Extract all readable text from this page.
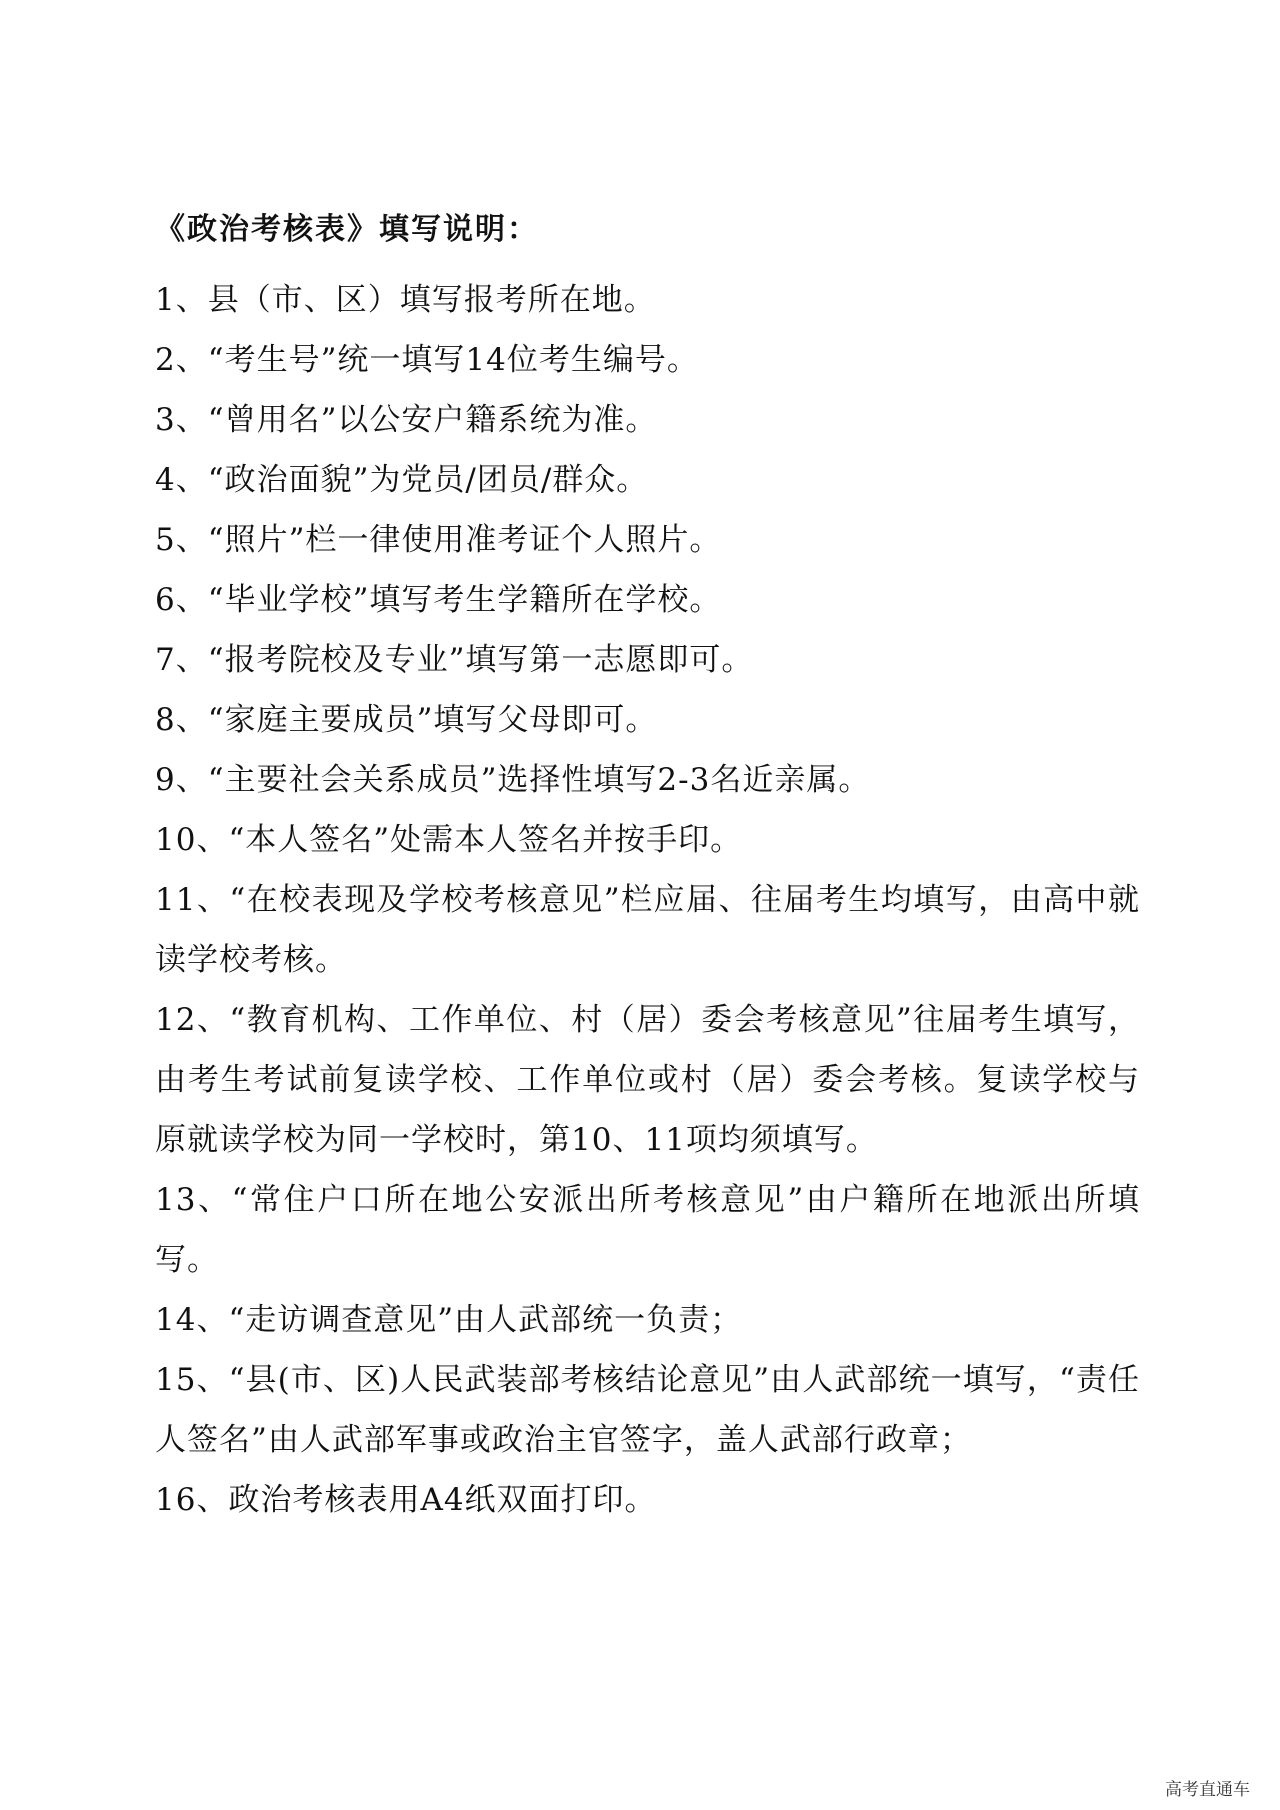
《政治考核表》填写说明：

1、县（市、区）填写报考所在地。

2、“考生号”统一填写14位考生编号。

3、“曾用名”以公安户籍系统为准。

4、“政治面貌”为党员/团员/群众。

5、“照片”栏一律使用准考证个人照片。

6、“毕业学校”填写考生学籍所在学校。

7、“报考院校及专业”填写第一志愿即可。

8、“家庭主要成员”填写父母即可。

9、“主要社会关系成员”选择性填写2-3名近亲属。

10、“本人签名”处需本人签名并按手印。

11、“在校表现及学校考核意见”栏应届、往届考生均填写，由高中就读学校考核。

12、“教育机构、工作单位、村（居）委会考核意见”往届考生填写，由考生考试前复读学校、工作单位或村（居）委会考核。复读学校与原就读学校为同一学校时，第10、11项均须填写。

13、“常住户口所在地公安派出所考核意见”由户籍所在地派出所填写。

14、“走访调查意见”由人武部统一负责；

15、“县(市、区)人民武装部考核结论意见”由人武部统一填写，“责任人签名”由人武部军事或政治主官签字，盖人武部行政章；

16、政治考核表用A4纸双面打印。

高考直通车
